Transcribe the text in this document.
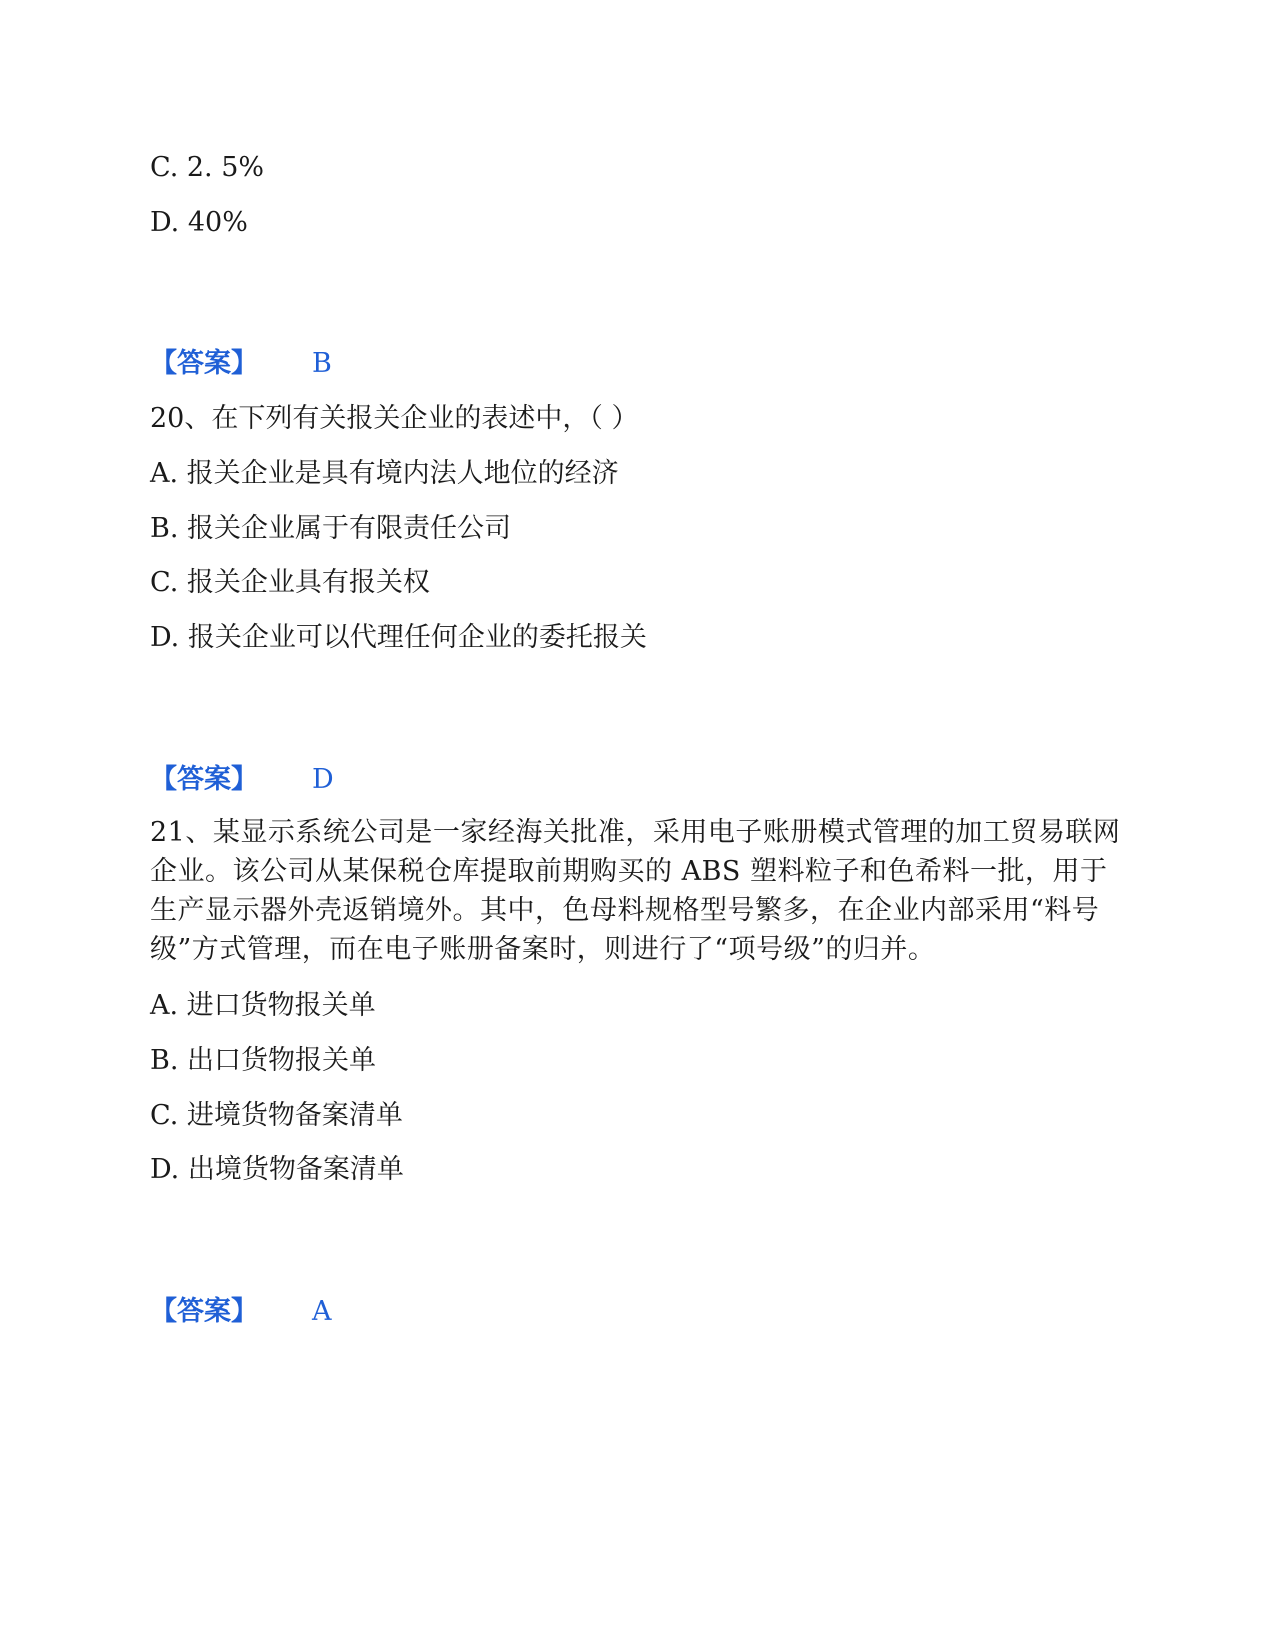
C. 2. 5%
D. 40%
【答案】 B
20、在下列有关报关企业的表述中，（ ）
A. 报关企业是具有境内法人地位的经济
B. 报关企业属于有限责任公司
C. 报关企业具有报关权
D. 报关企业可以代理任何企业的委托报关
【答案】 D
21、某显示系统公司是一家经海关批准，采用电子账册模式管理的加工贸易联网企业。该公司从某保税仓库提取前期购买的 ABS 塑料粒子和色希料一批，用于生产显示器外壳返销境外。其中，色母料规格型号繁多，在企业内部采用“料号级”方式管理，而在电子账册备案时，则进行了“项号级”的归并。
A. 进口货物报关单
B. 出口货物报关单
C. 进境货物备案清单
D. 出境货物备案清单
【答案】 A
